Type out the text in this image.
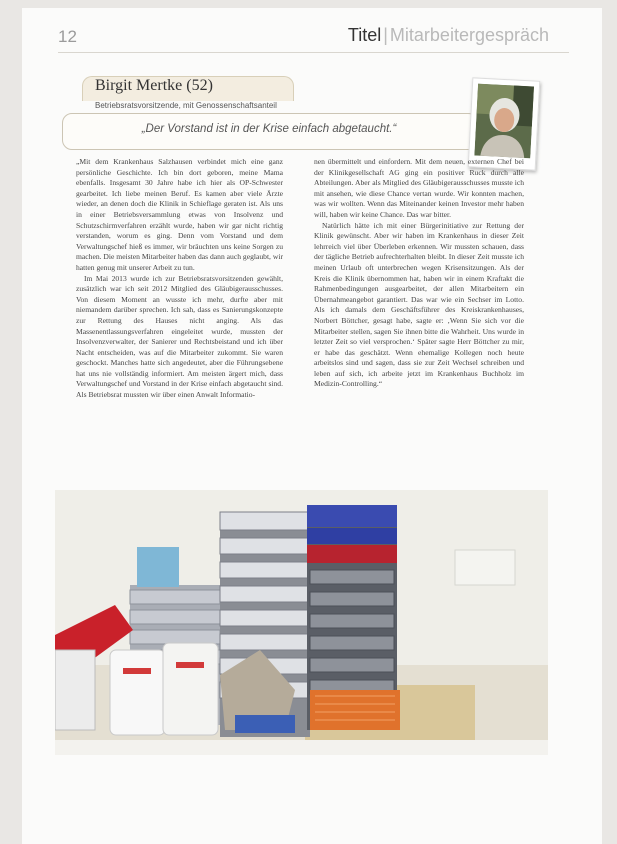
12	Titel | Mitarbeitergespräch
Birgit Mertke (52)
Betriebsratsvorsitzende, mit Genossenschaftsanteil
„Der Vorstand ist in der Krise einfach abgetaucht.“

„Mit dem Krankenhaus Salzhausen verbindet mich eine ganz persönliche Geschichte. Ich bin dort geboren, meine Mama ebenfalls. Insgesamt 30 Jahre habe ich hier als OP-Schwester gearbeitet. Ich liebe meinen Beruf. Es kamen aber viele Ärzte wieder, an denen doch die Klinik in Schieflage geraten ist. Als uns in einer Betriebsversammlung etwas von Insolvenz und Schutzschirmverfahren erzählt wurde, haben wir gar nicht richtig verstanden, worum es ging. Denn vom Vorstand und dem Verwaltungschef hieß es immer, wir bräuchten uns keine Sorgen zu machen. Die meisten Mitarbeiter haben das dann auch geglaubt, wir hatten genug mit unserer Arbeit zu tun.

Im Mai 2013 wurde ich zur Betriebsratsvorsitzenden gewählt, zusätzlich war ich seit 2012 Mitglied des Gläubigerausschusses. Von diesem Moment an wusste ich mehr, durfte aber mit niemandem darüber sprechen. Ich sah, dass es Sanierungskonzepte zur Rettung des Hauses nicht anging. Als das Massenentlassungsverfahren eingeleitet wurde, mussten der Insolvenzverwalter, der Sanierer und Rechtsbeistand und ich über Nacht entscheiden, was auf die Mitarbeiter zukommt. Sie waren geschockt. Manches hatte sich angedeutet, aber die Führungsebene hat uns nie vollständig informiert. Am meisten ärgert mich, dass Verwaltungschef und Vorstand in der Krise einfach abgetaucht sind. Als Betriebsrat mussten wir über einen Anwalt Informatio-

nen übermittelt und einfordern. Mit dem neuen, externen Chef bei der Klinikgesellschaft AG ging ein positiver Ruck durch alle Abteilungen. Aber als Mitglied des Gläubigerausschusses musste ich mit ansehen, wie diese Chance vertan wurde. Wir konnten machen, was wir wollten. Wenn das Miteinander keinen Investor mehr haben will, haben wir keine Chance. Das war bitter.

Natürlich hätte ich mit einer Bürgerinitiative zur Rettung der Klinik gewünscht. Aber wir haben im Krankenhaus in dieser Zeit lehrreich viel über Überleben erkennen. Wir mussten schauen, dass der tägliche Betrieb aufrechterhalten bleibt. In dieser Zeit musste ich meinen Urlaub oft unterbrechen wegen Krisensitzungen. Als der Kreis die Klinik übernommen hat, haben wir in einem Kraftakt die Rahmenbedingungen ausgearbeitet, der allen Mitarbeitern ein Übernahmeangebot garantiert. Das war wie ein Sechser im Lotto. Als ich damals dem Geschäftsführer des Kreiskrankenhauses, Norbert Böttcher, gesagt habe, sagte er: ‚Wenn Sie sich vor die Mitarbeiter stellen, sagen Sie ihnen bitte die Wahrheit. Uns wurde in letzter Zeit so viel versprochen.‘ Später sagte Herr Böttcher zu mir, er habe das geschätzt. Wenn ehemalige Kollegen noch heute arbeitslos sind und sagen, dass sie zur Zeit Wechsel schreiben und leben auf sich, ich arbeite jetzt im Krankenhaus Buchholz im Medizin-Controlling.“
